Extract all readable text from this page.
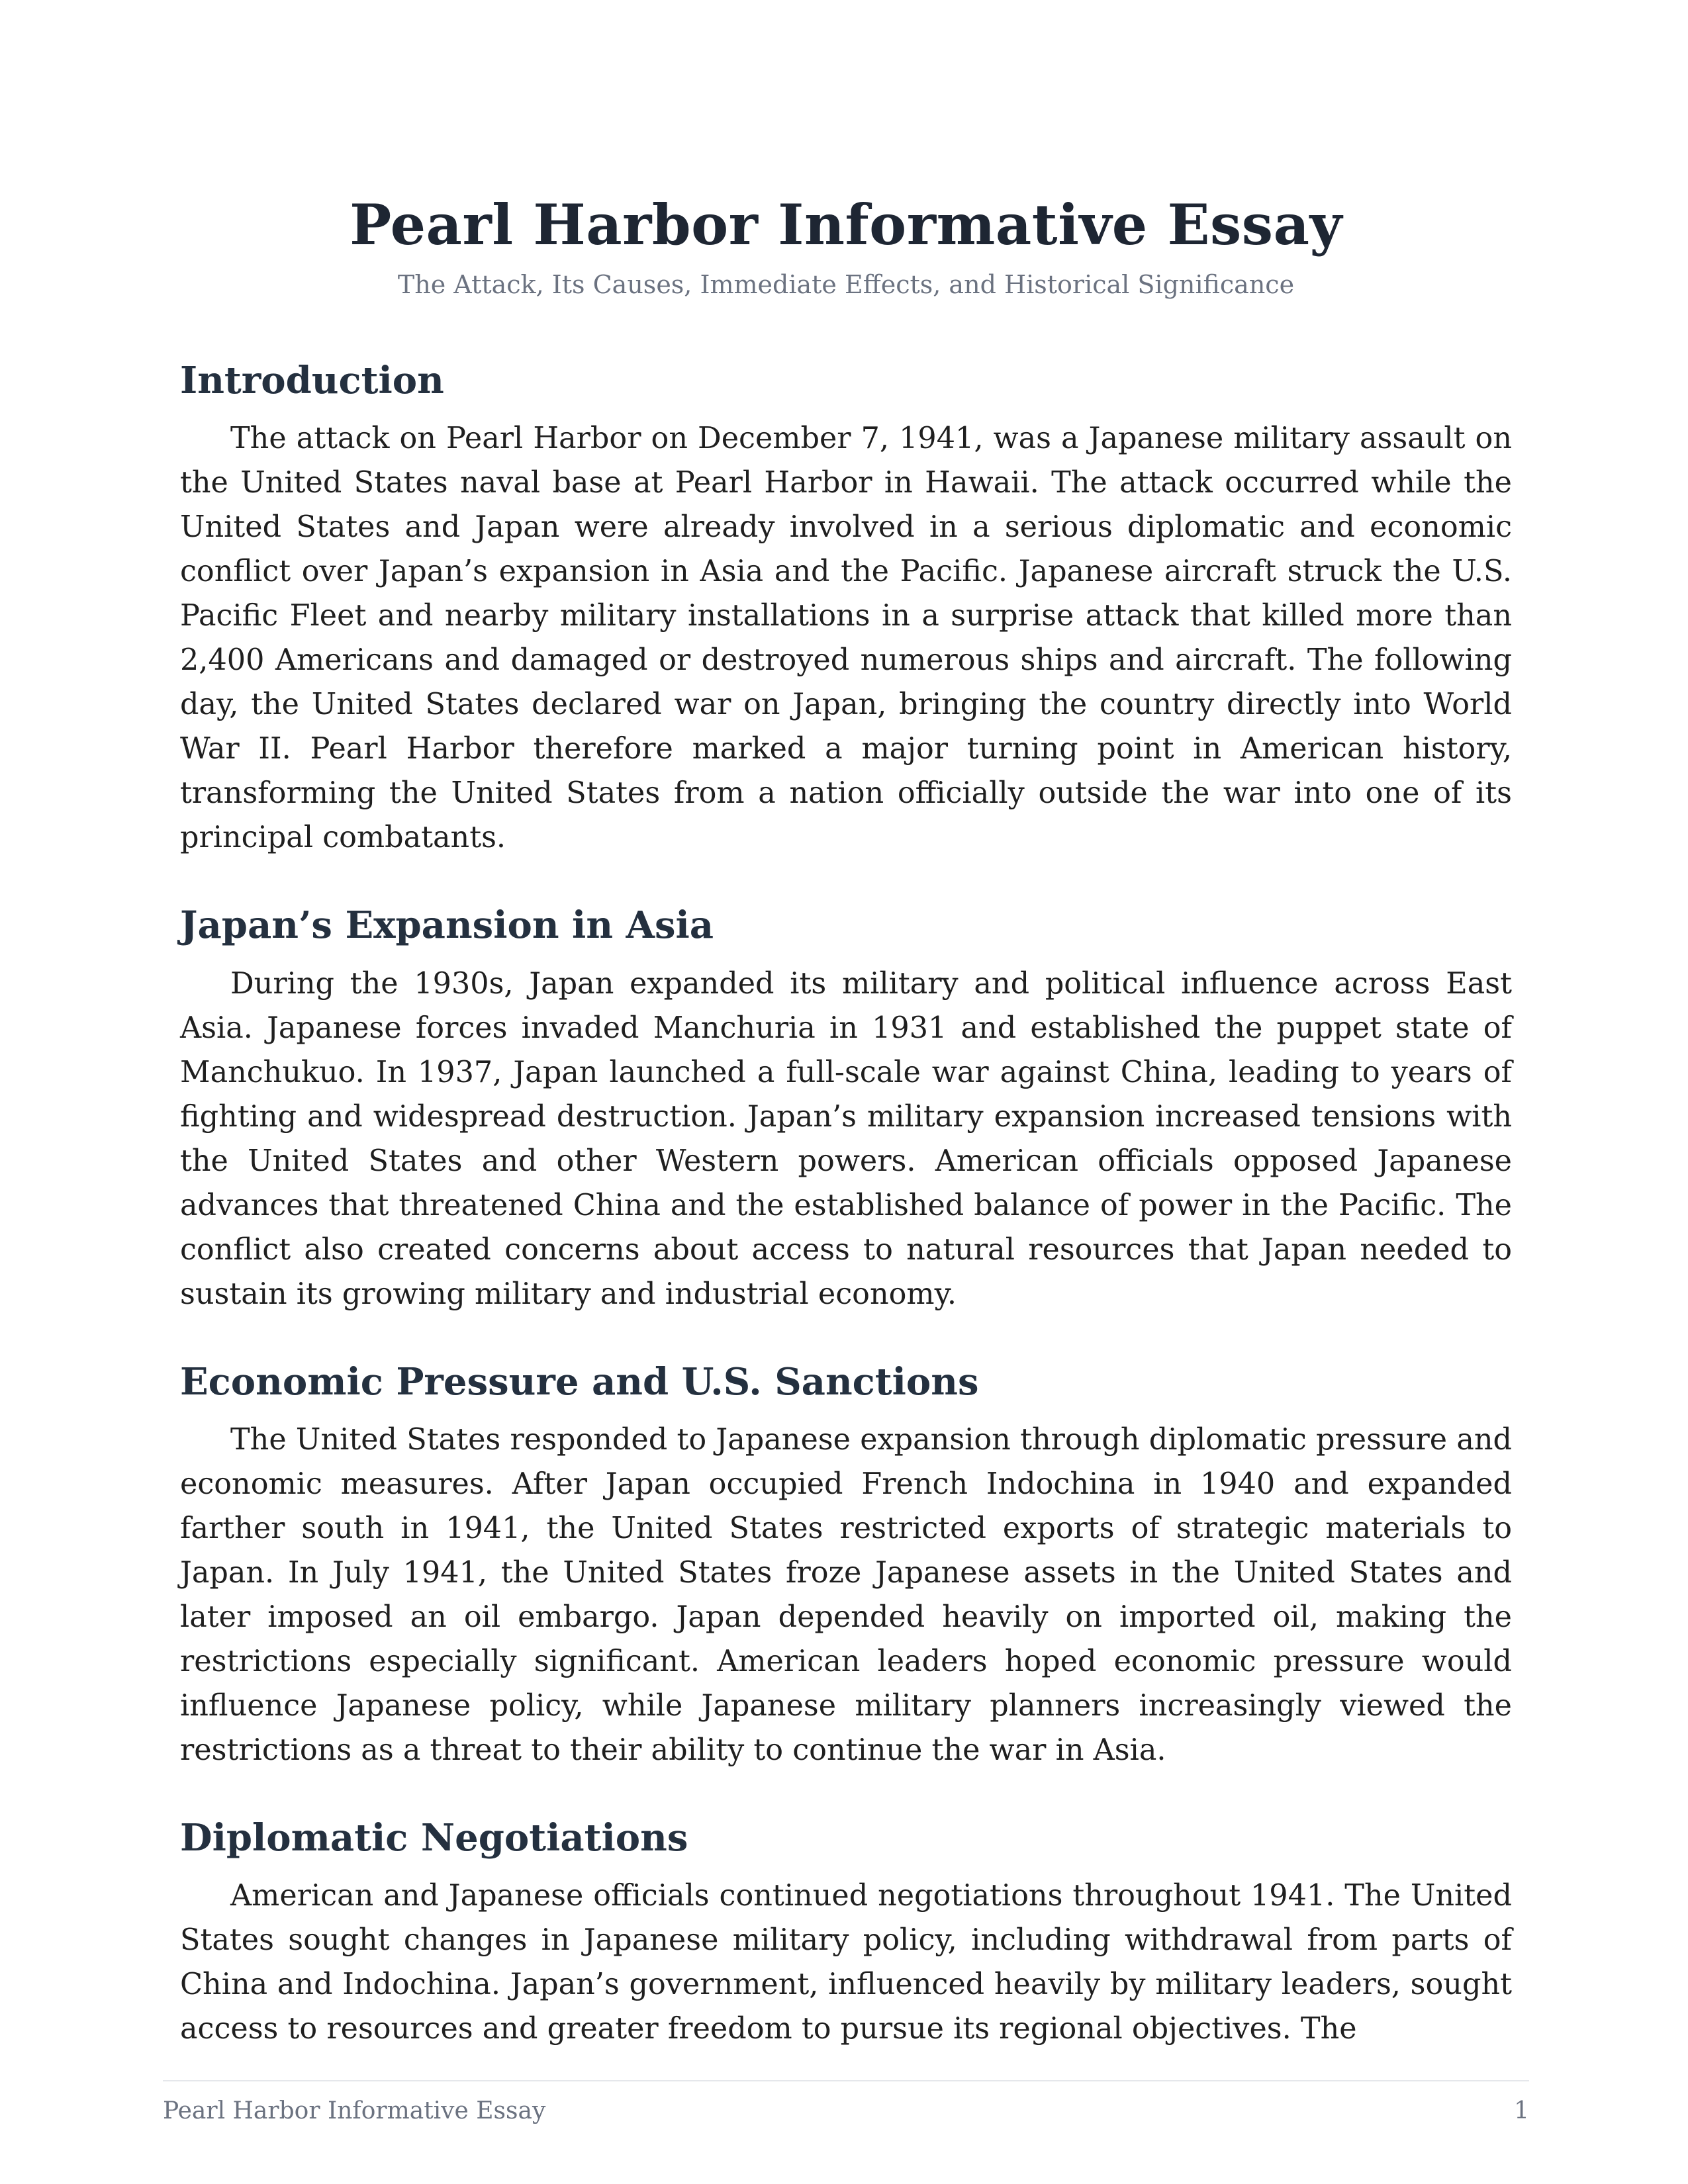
Pearl Harbor Informative Essay

The Attack, Its Causes, Immediate Effects, and Historical Significance

Introduction

The attack on Pearl Harbor on December 7, 1941, was a Japanese military assault on the United States naval base at Pearl Harbor in Hawaii. The attack occurred while the United States and Japan were already involved in a serious diplomatic and economic conflict over Japan’s expansion in Asia and the Pacific. Japanese aircraft struck the U.S. Pacific Fleet and nearby military installations in a surprise attack that killed more than 2,400 Americans and damaged or destroyed numerous ships and aircraft. The following day, the United States declared war on Japan, bringing the country directly into World War II. Pearl Harbor therefore marked a major turning point in American history, transforming the United States from a nation officially outside the war into one of its principal combatants.

Japan’s Expansion in Asia

During the 1930s, Japan expanded its military and political influence across East Asia. Japanese forces invaded Manchuria in 1931 and established the puppet state of Manchukuo. In 1937, Japan launched a full-scale war against China, leading to years of fighting and widespread destruction. Japan’s military expansion increased tensions with the United States and other Western powers. American officials opposed Japanese advances that threatened China and the established balance of power in the Pacific. The conflict also created concerns about access to natural resources that Japan needed to sustain its growing military and industrial economy.

Economic Pressure and U.S. Sanctions

The United States responded to Japanese expansion through diplomatic pressure and economic measures. After Japan occupied French Indochina in 1940 and expanded farther south in 1941, the United States restricted exports of strategic materials to Japan. In July 1941, the United States froze Japanese assets in the United States and later imposed an oil embargo. Japan depended heavily on imported oil, making the restrictions especially significant. American leaders hoped economic pressure would influence Japanese policy, while Japanese military planners increasingly viewed the restrictions as a threat to their ability to continue the war in Asia.

Diplomatic Negotiations

American and Japanese officials continued negotiations throughout 1941. The United States sought changes in Japanese military policy, including withdrawal from parts of China and Indochina. Japan’s government, influenced heavily by military leaders, sought access to resources and greater freedom to pursue its regional objectives. The

Pearl Harbor Informative Essay	1
